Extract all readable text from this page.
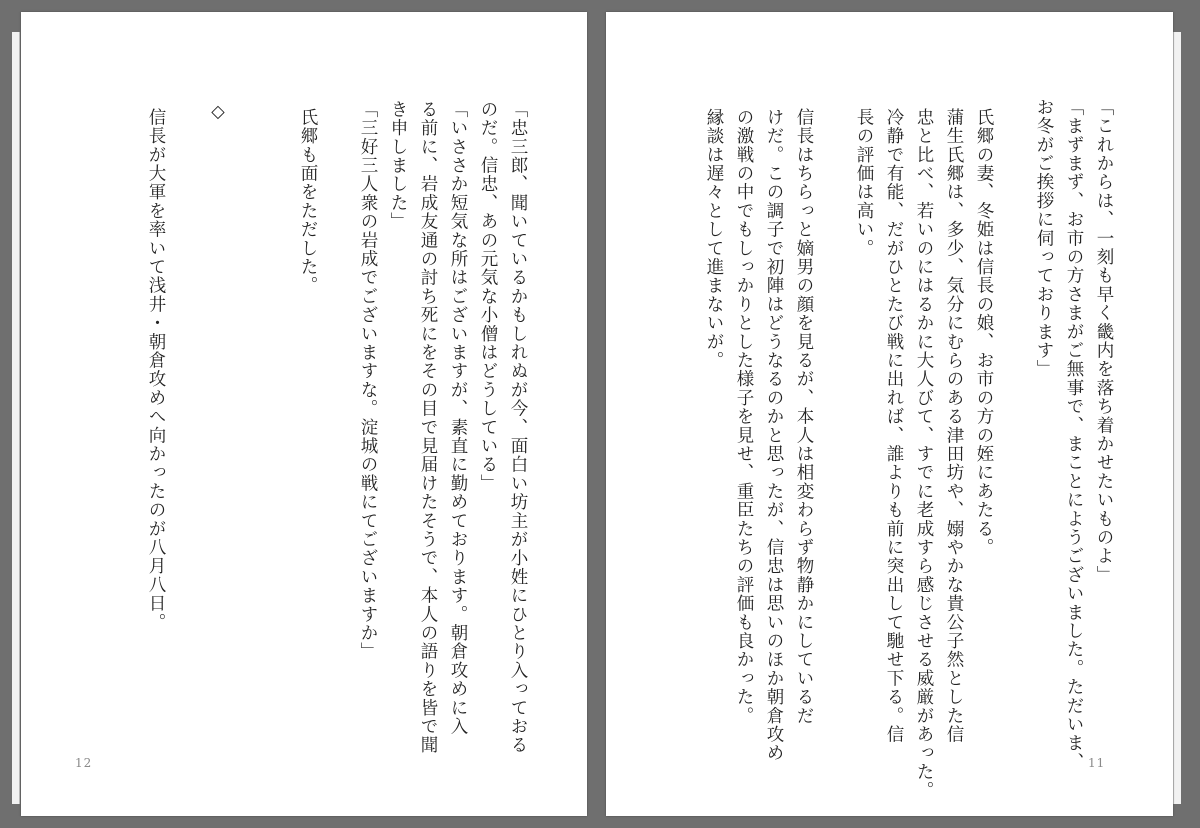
「忠三郎、聞いているかもしれぬが今、面白い坊主が小姓にひとり入っておる
のだ。信忠、あの元気な小僧はどうしている」
「いささか短気な所はございますが、素直に勤めております。朝倉攻めに入
る前に、岩成友通の討ち死にをその目で見届けたそうで、本人の語りを皆で聞
き申しました」
「三好三人衆の岩成でございますな。淀城の戦にてございますか」
氏郷も面をただした。
◇
信長が大軍を率いて浅井・朝倉攻めへ向かったのが八月八日。
12
「これからは、一刻も早く畿内を落ち着かせたいものよ」
「まずまず、お市の方さまがご無事で、まことにようございました。ただいま、
お冬がご挨拶に伺っております」
氏郷の妻、冬姫は信長の娘、お市の方の姪にあたる。
蒲生氏郷は、多少、気分にむらのある津田坊や、嫋やかな貴公子然とした信
忠と比べ、若いのにはるかに大人びて、すでに老成すら感じさせる威厳があった。
冷静で有能、だがひとたび戦に出れば、誰よりも前に突出して馳せ下る。信
長の評価は高い。
信長はちらっと嫡男の顔を見るが、本人は相変わらず物静かにしているだ
けだ。この調子で初陣はどうなるのかと思ったが、信忠は思いのほか朝倉攻め
の激戦の中でもしっかりとした様子を見せ、重臣たちの評価も良かった。
縁談は遅々として進まないが。
11
